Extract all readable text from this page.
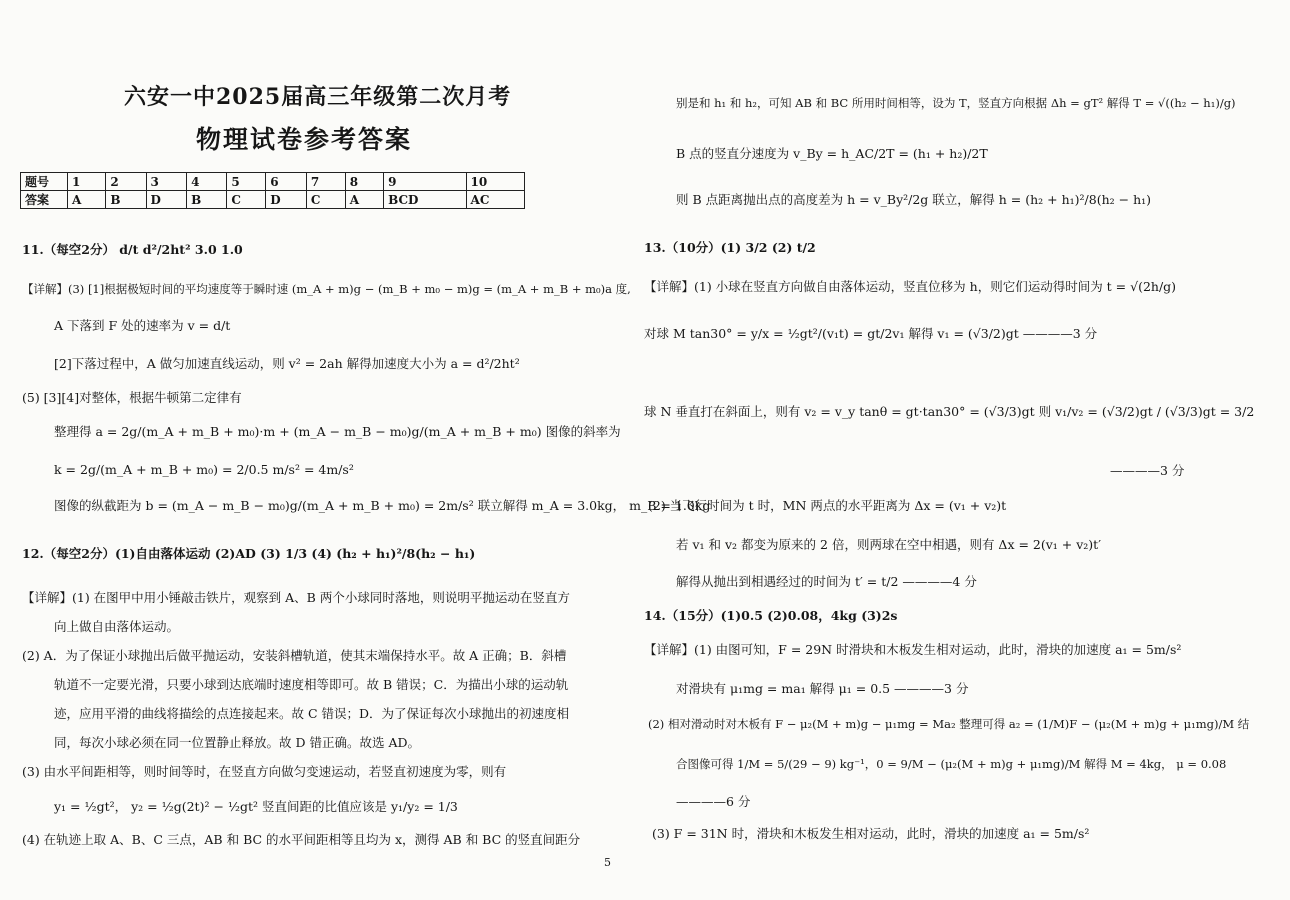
六安一中2025届高三年级第二次月考
物理试卷参考答案
题号	1	2	3	4	5	6	7	8	9	10
答案	A	B	D	B	C	D	C	A	BCD	AC
11.（每空2分） d/t d²/2ht² 3.0 1.0
【详解】(3) [1]根据极短时间的平均速度等于瞬时速 (m_A + m)g − (m_B + m₀ − m)g = (m_A + m_B + m₀)a 度,
A 下落到 F 处的速率为 v = d/t
[2]下落过程中，A 做匀加速直线运动，则 v² = 2ah 解得加速度大小为 a = d²/2ht²
(5) [3][4]对整体，根据牛顿第二定律有
整理得 a = 2g/(m_A + m_B + m₀)·m + (m_A − m_B − m₀)g/(m_A + m_B + m₀) 图像的斜率为
k = 2g/(m_A + m_B + m₀) = 2/0.5 m/s² = 4m/s²
图像的纵截距为 b = (m_A − m_B − m₀)g/(m_A + m_B + m₀) = 2m/s² 联立解得 m_A = 3.0kg， m_B = 1.0kg
12.（每空2分）(1)自由落体运动 (2)AD (3) 1/3 (4) (h₂ + h₁)²/8(h₂ − h₁)
【详解】(1) 在图甲中用小锤敲击铁片，观察到 A、B 两个小球同时落地，则说明平抛运动在竖直方
向上做自由落体运动。
(2) A．为了保证小球抛出后做平抛运动，安装斜槽轨道，使其末端保持水平。故 A 正确；B．斜槽
轨道不一定要光滑，只要小球到达底端时速度相等即可。故 B 错误；C．为描出小球的运动轨
迹，应用平滑的曲线将描绘的点连接起来。故 C 错误；D．为了保证每次小球抛出的初速度相
同，每次小球必须在同一位置静止释放。故 D 错正确。故选 AD。
(3) 由水平间距相等，则时间等时，在竖直方向做匀变速运动，若竖直初速度为零，则有
y₁ = ½gt²， y₂ = ½g(2t)² − ½gt² 竖直间距的比值应该是 y₁/y₂ = 1/3
(4) 在轨迹上取 A、B、C 三点，AB 和 BC 的水平间距相等且均为 x，测得 AB 和 BC 的竖直间距分
别是和 h₁ 和 h₂，可知 AB 和 BC 所用时间相等，设为 T，竖直方向根据 Δh = gT² 解得 T = √((h₂ − h₁)/g)
B 点的竖直分速度为 v_By = h_AC/2T = (h₁ + h₂)/2T
则 B 点距离抛出点的高度差为 h = v_By²/2g 联立，解得 h = (h₂ + h₁)²/8(h₂ − h₁)
13.（10分）(1) 3/2 (2) t/2
【详解】(1) 小球在竖直方向做自由落体运动，竖直位移为 h，则它们运动得时间为 t = √(2h/g)
对球 M tan30° = y/x = ½gt²/(v₁t) = gt/2v₁ 解得 v₁ = (√3/2)gt ————3 分
球 N 垂直打在斜面上，则有 v₂ = v_y tanθ = gt·tan30° = (√3/3)gt 则 v₁/v₂ = (√3/2)gt / (√3/3)gt = 3/2
————3 分
(2) 当飞行时间为 t 时，MN 两点的水平距离为 Δx = (v₁ + v₂)t
若 v₁ 和 v₂ 都变为原来的 2 倍，则两球在空中相遇，则有 Δx = 2(v₁ + v₂)t′
解得从抛出到相遇经过的时间为 t′ = t/2 ————4 分
14.（15分）(1)0.5 (2)0.08，4kg (3)2s
【详解】(1) 由图可知，F = 29N 时滑块和木板发生相对运动，此时，滑块的加速度 a₁ = 5m/s²
对滑块有 μ₁mg = ma₁ 解得 μ₁ = 0.5 ————3 分
(2) 相对滑动时对木板有 F − μ₂(M + m)g − μ₁mg = Ma₂ 整理可得 a₂ = (1/M)F − (μ₂(M + m)g + μ₁mg)/M 结
合图像可得 1/M = 5/(29 − 9) kg⁻¹，0 = 9/M − (μ₂(M + m)g + μ₁mg)/M 解得 M = 4kg， μ = 0.08
————6 分
(3) F = 31N 时，滑块和木板发生相对运动，此时，滑块的加速度 a₁ = 5m/s²
5
